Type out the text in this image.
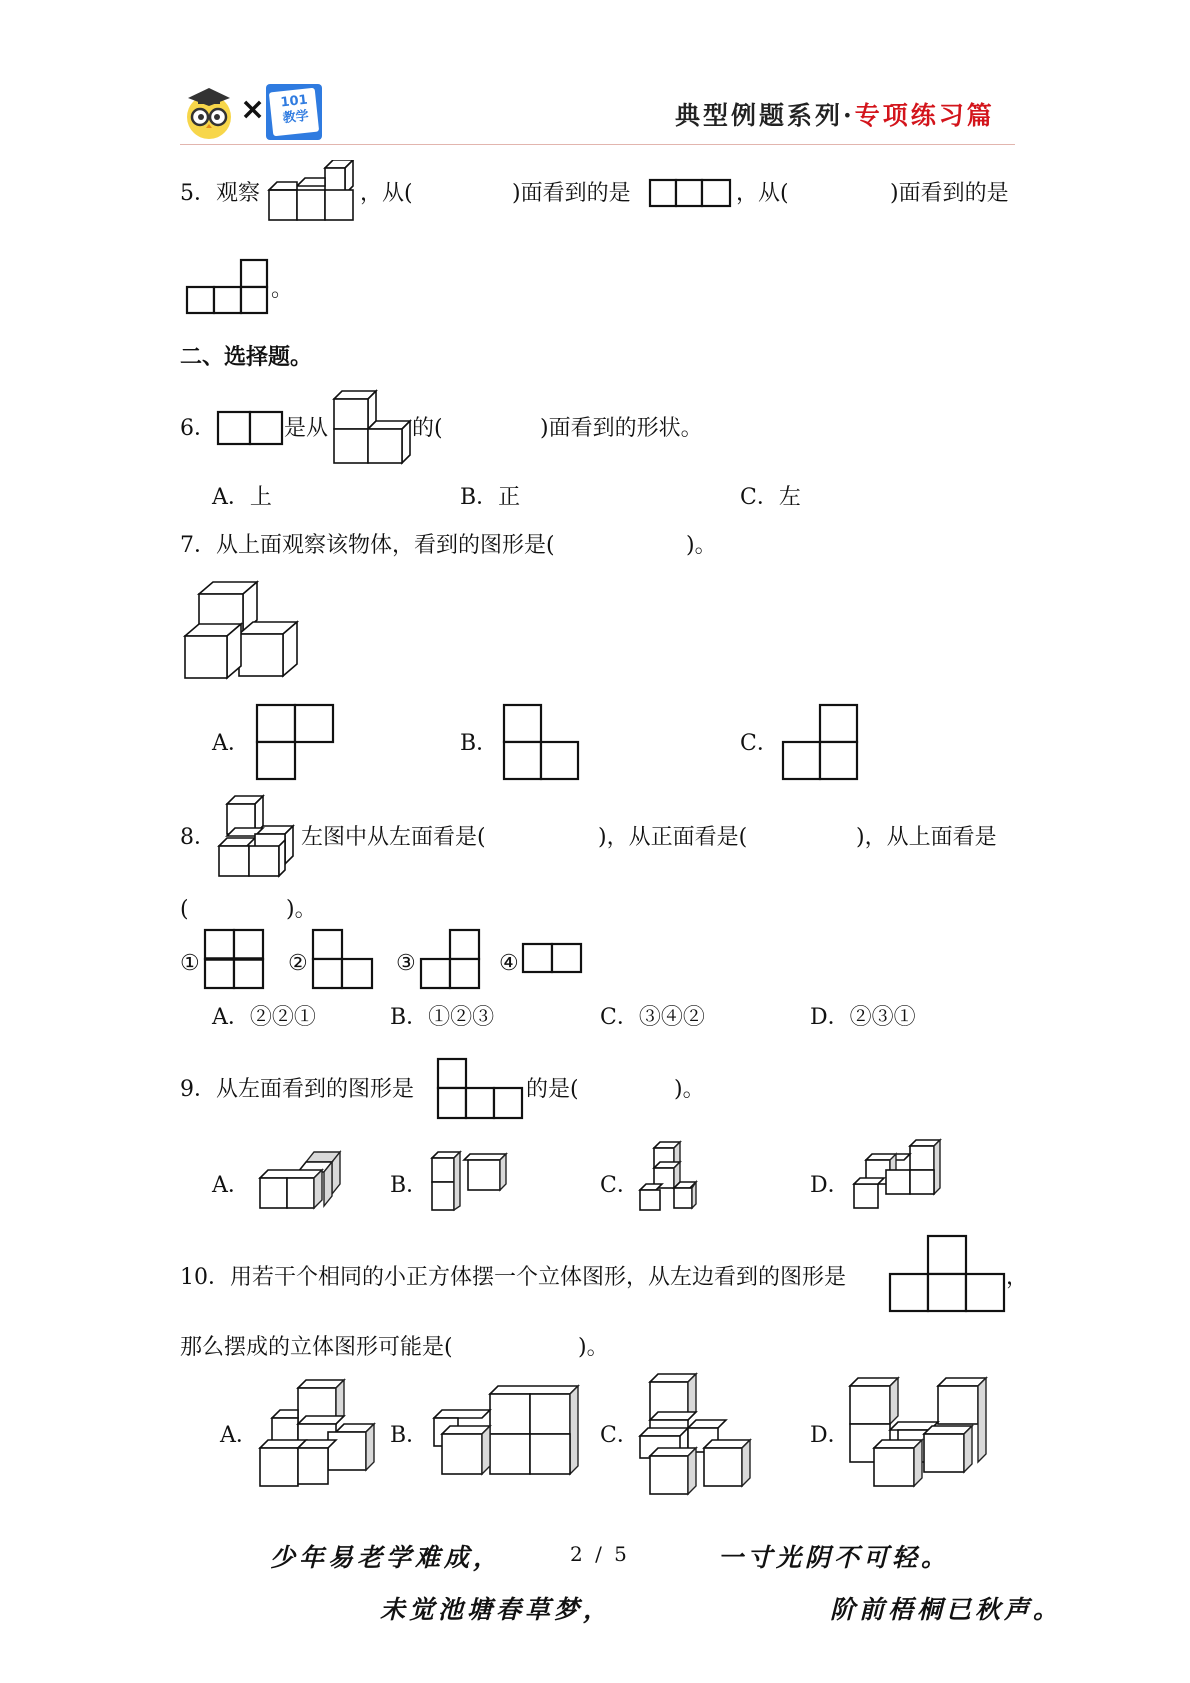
×	101
教学	典型例题系列·专项练习篇
5．观察	，从(	)面看到的是	，从(	)面看到的是
。
二、选择题。
6．	是从	的(	)面看到的形状。
A．上	B．正	C．左
7．从上面观察该物体，看到的图形是(	)。
A．	B．	C．
8．	左图中从左面看是(	)，从正面看是(	)，从上面看是
(	)。
①	②	③	④
A．②②①	B．①②③	C．③④②	D．②③①
9．从左面看到的图形是	的是(	)。
A．	B．	C．	D．
10．用若干个相同的小正方体摆一个立体图形，从左边看到的图形是	，
那么摆成的立体图形可能是(	)。
A．	B．	C．	D．
少年易老学难成，	2 / 5	一寸光阴不可轻。
未觉池塘春草梦，	阶前梧桐已秋声。
